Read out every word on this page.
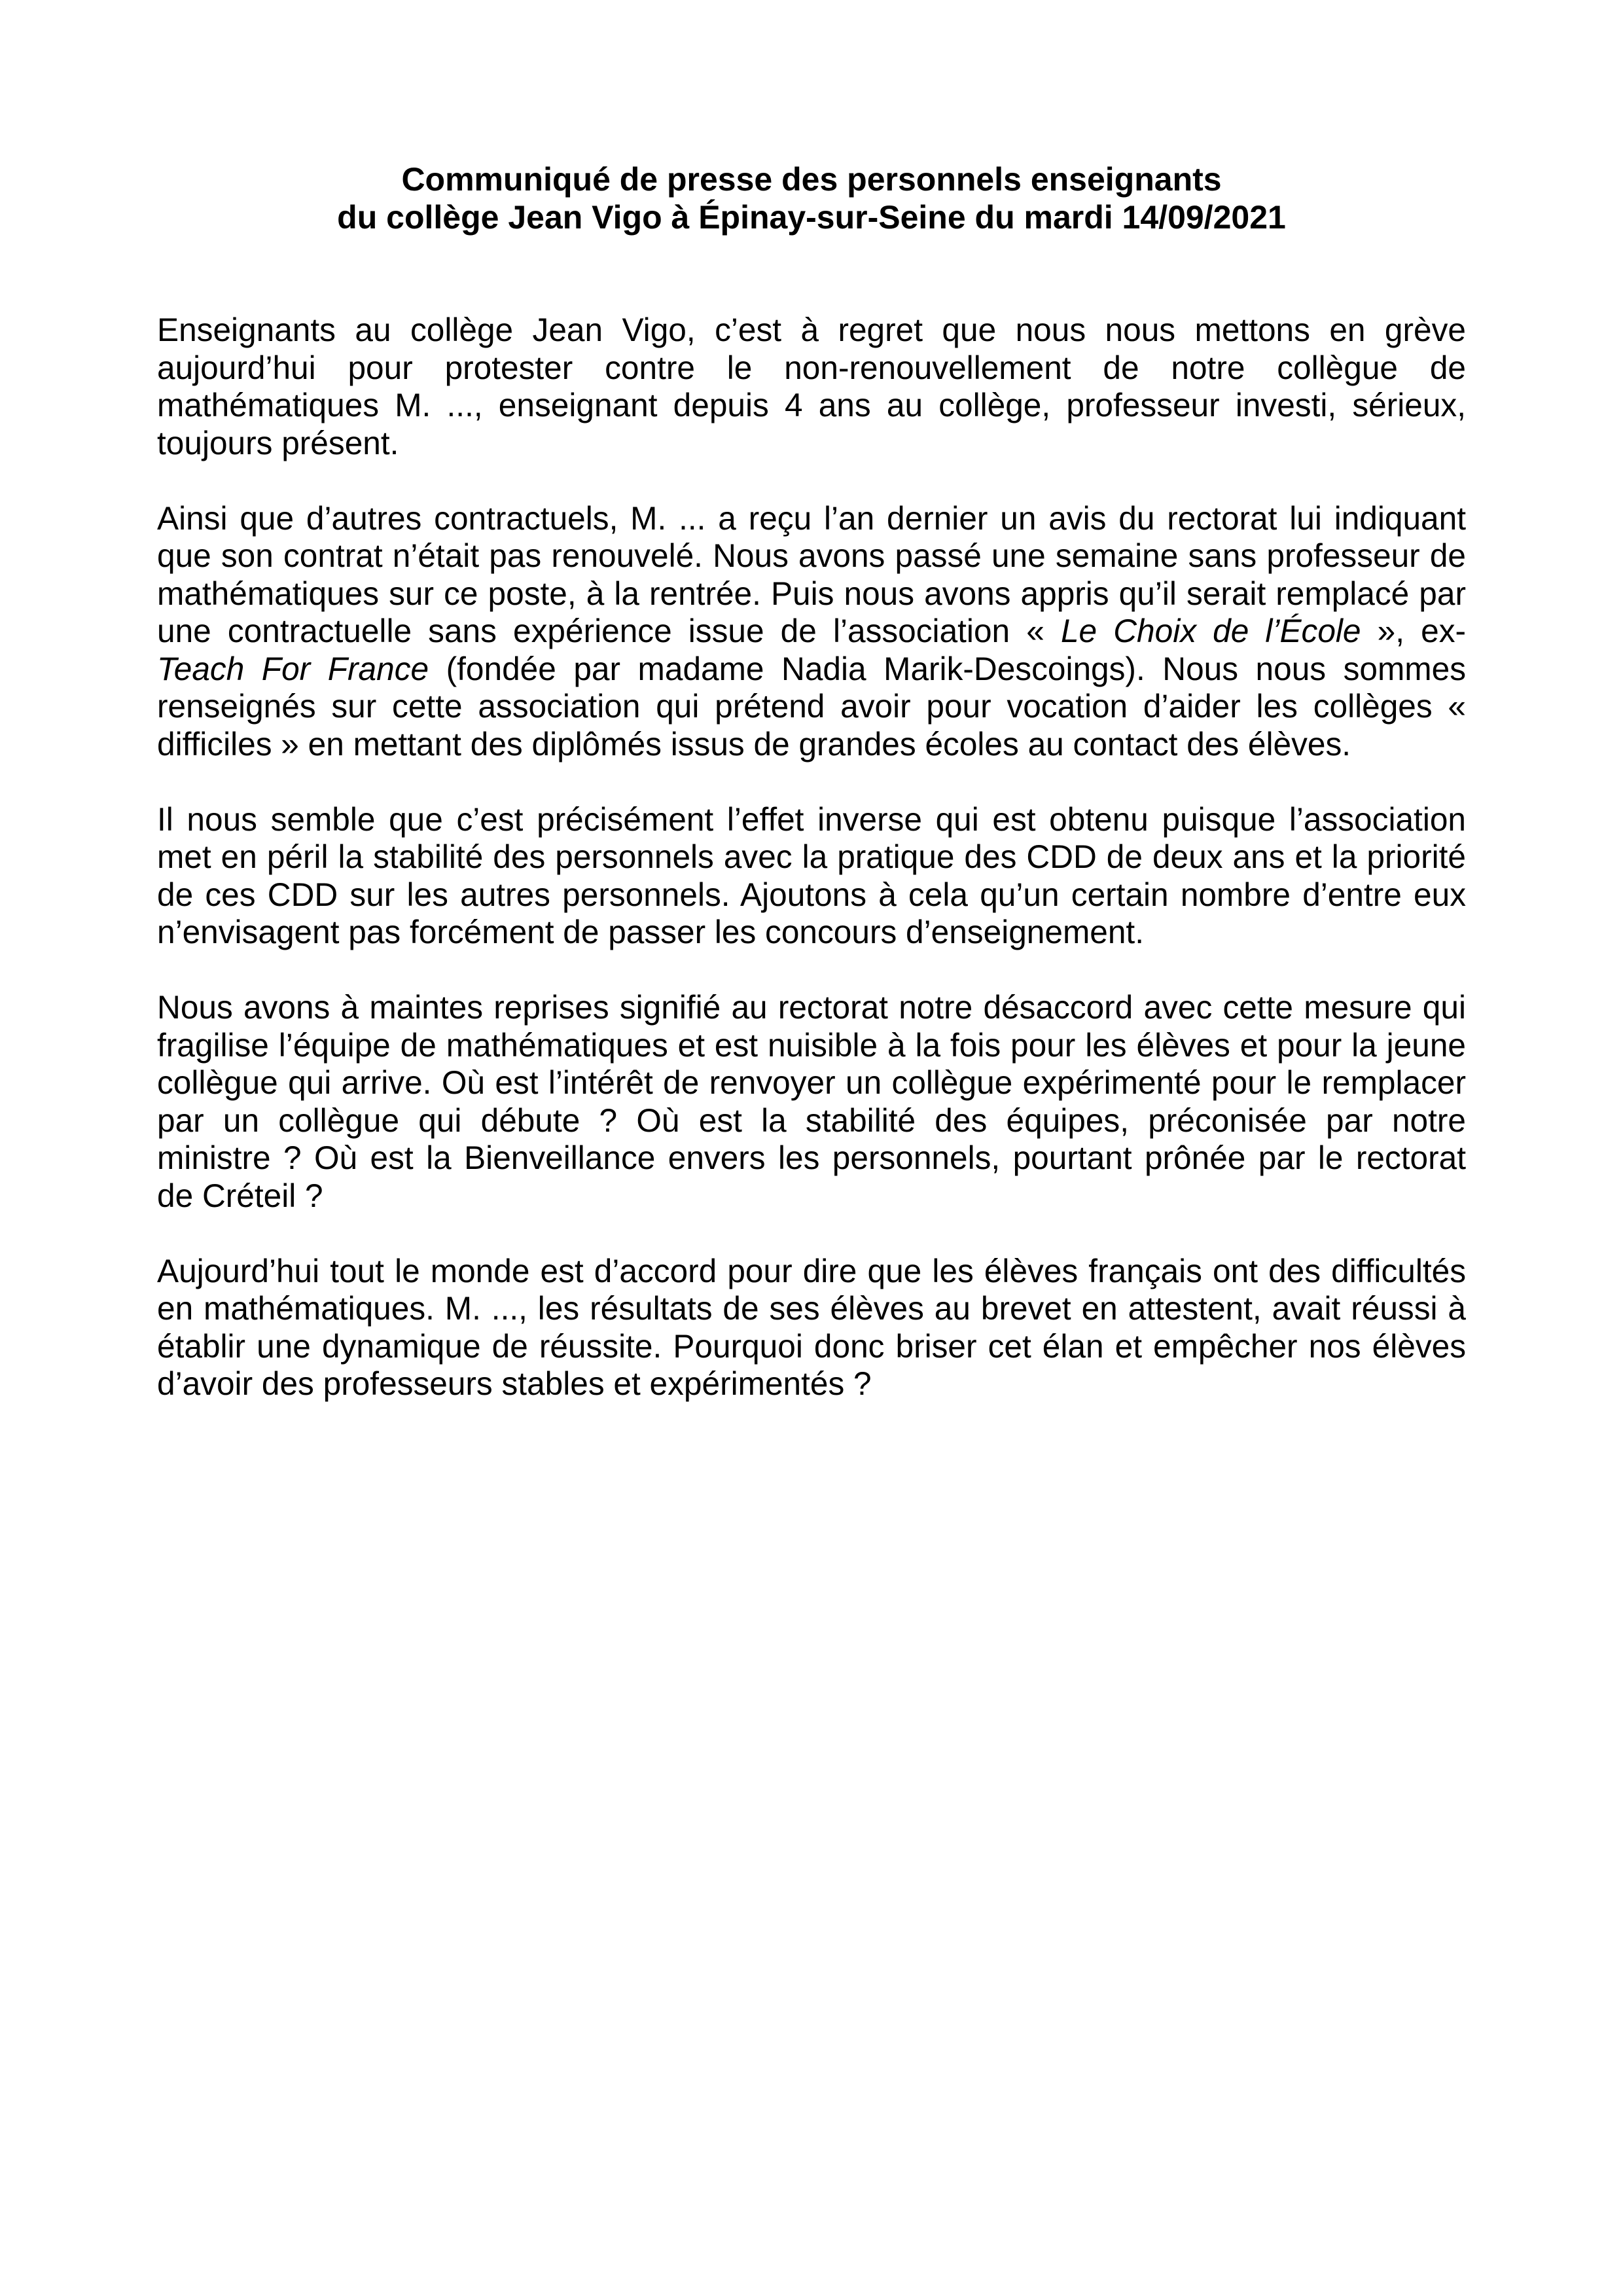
Communiqué de presse des personnels enseignants
du collège Jean Vigo à Épinay-sur-Seine du mardi 14/09/2021
Enseignants au collège Jean Vigo, c’est à regret que nous nous mettons en grève
aujourd’hui pour protester contre le non-renouvellement de notre collègue de
mathématiques M. ..., enseignant depuis 4 ans au collège, professeur investi, sérieux,
toujours présent.
Ainsi que d’autres contractuels, M. ... a reçu l’an dernier un avis du rectorat lui indiquant
que son contrat n’était pas renouvelé. Nous avons passé une semaine sans professeur de
mathématiques sur ce poste, à la rentrée. Puis nous avons appris qu’il serait remplacé par
une contractuelle sans expérience issue de l’association « Le Choix de l’École », ex-
Teach For France (fondée par madame Nadia Marik-Descoings). Nous nous sommes
renseignés sur cette association qui prétend avoir pour vocation d’aider les collèges «
difficiles » en mettant des diplômés issus de grandes écoles au contact des élèves.
Il nous semble que c’est précisément l’effet inverse qui est obtenu puisque l’association
met en péril la stabilité des personnels avec la pratique des CDD de deux ans et la priorité
de ces CDD sur les autres personnels. Ajoutons à cela qu’un certain nombre d’entre eux
n’envisagent pas forcément de passer les concours d’enseignement.
Nous avons à maintes reprises signifié au rectorat notre désaccord avec cette mesure qui
fragilise l’équipe de mathématiques et est nuisible à la fois pour les élèves et pour la jeune
collègue qui arrive. Où est l’intérêt de renvoyer un collègue expérimenté pour le remplacer
par un collègue qui débute ? Où est la stabilité des équipes, préconisée par notre
ministre ? Où est la Bienveillance envers les personnels, pourtant prônée par le rectorat
de Créteil ?
Aujourd’hui tout le monde est d’accord pour dire que les élèves français ont des difficultés
en mathématiques. M. ..., les résultats de ses élèves au brevet en attestent, avait réussi à
établir une dynamique de réussite. Pourquoi donc briser cet élan et empêcher nos élèves
d’avoir des professeurs stables et expérimentés ?
